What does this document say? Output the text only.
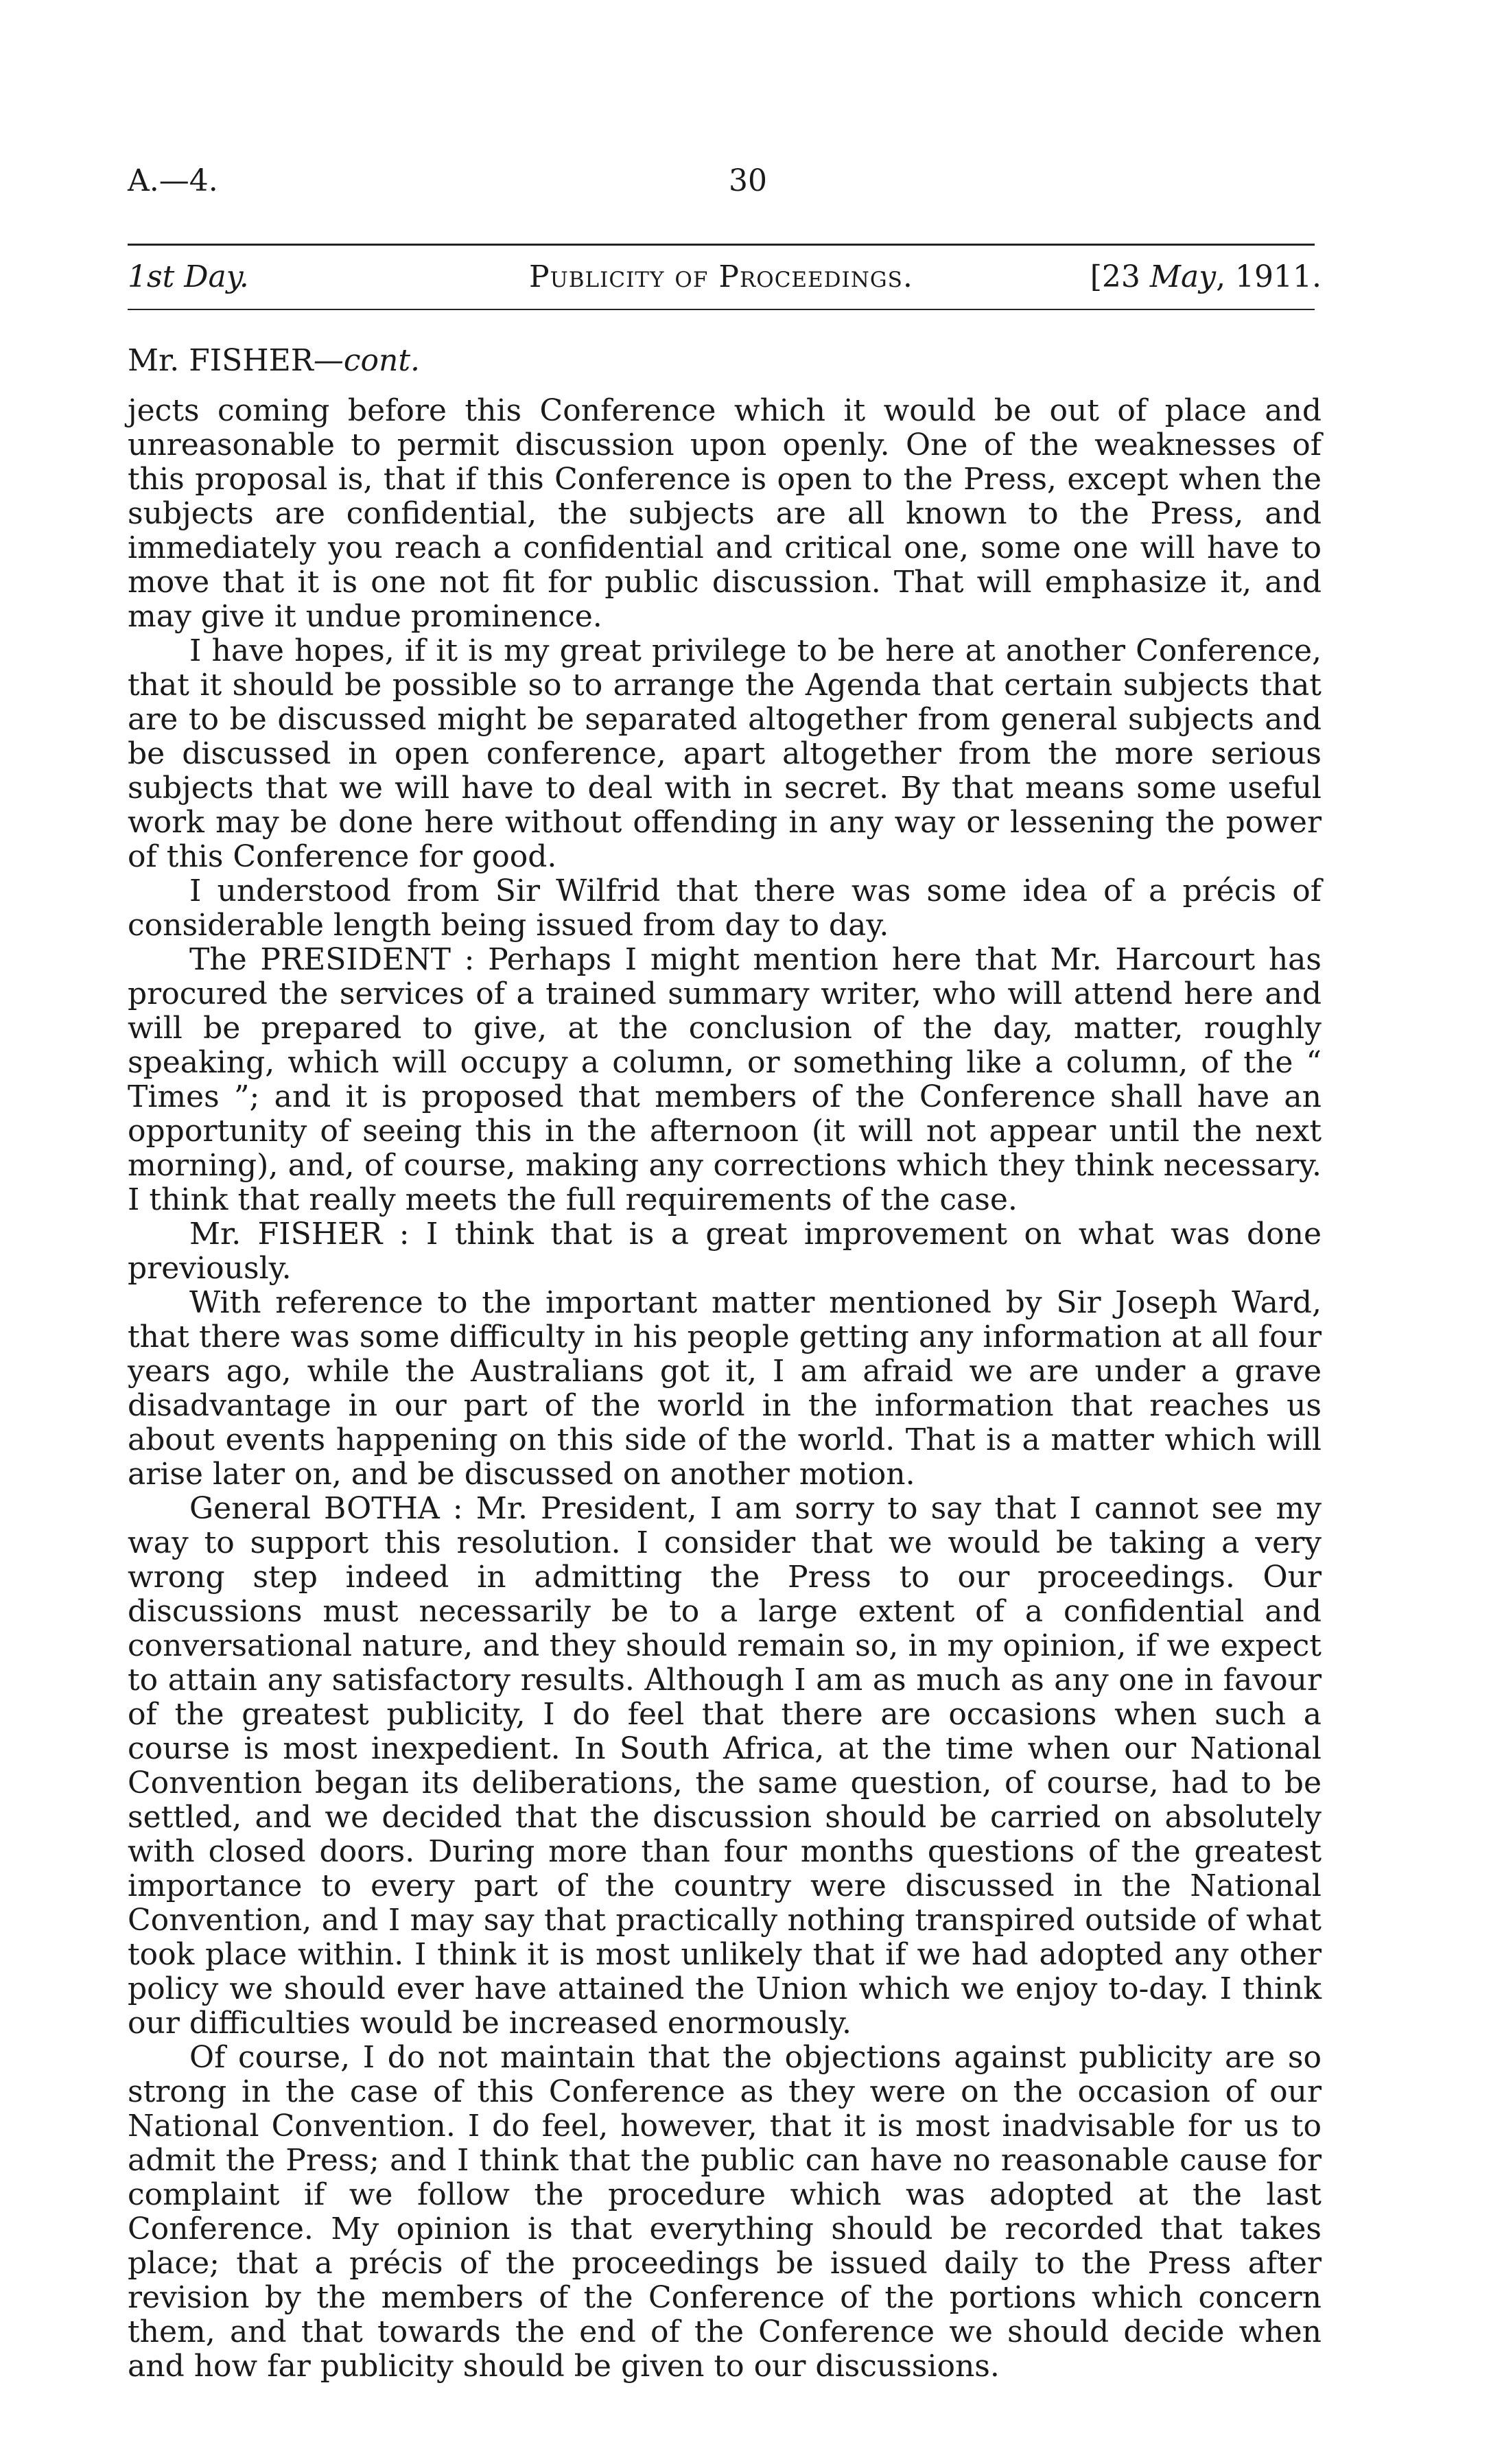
A.—4.	30
1st Day.	Publicity of Proceedings.	[23 May, 1911.
Mr. FISHER—cont.

jects coming before this Conference which it would be out of place and unreasonable to permit discussion upon openly. One of the weaknesses of this proposal is, that if this Conference is open to the Press, except when the subjects are confidential, the subjects are all known to the Press, and immediately you reach a confidential and critical one, some one will have to move that it is one not fit for public discussion. That will emphasize it, and may give it undue prominence.

I have hopes, if it is my great privilege to be here at another Conference, that it should be possible so to arrange the Agenda that certain subjects that are to be discussed might be separated altogether from general subjects and be discussed in open conference, apart altogether from the more serious subjects that we will have to deal with in secret. By that means some useful work may be done here without offending in any way or lessening the power of this Conference for good.

I understood from Sir Wilfrid that there was some idea of a précis of considerable length being issued from day to day.

The PRESIDENT : Perhaps I might mention here that Mr. Harcourt has procured the services of a trained summary writer, who will attend here and will be prepared to give, at the conclusion of the day, matter, roughly speaking, which will occupy a column, or something like a column, of the “ Times ”; and it is proposed that members of the Conference shall have an opportunity of seeing this in the afternoon (it will not appear until the next morning), and, of course, making any corrections which they think necessary. I think that really meets the full requirements of the case.

Mr. FISHER : I think that is a great improvement on what was done previously.

With reference to the important matter mentioned by Sir Joseph Ward, that there was some difficulty in his people getting any information at all four years ago, while the Australians got it, I am afraid we are under a grave disadvantage in our part of the world in the information that reaches us about events happening on this side of the world. That is a matter which will arise later on, and be discussed on another motion.

General BOTHA : Mr. President, I am sorry to say that I cannot see my way to support this resolution. I consider that we would be taking a very wrong step indeed in admitting the Press to our proceedings. Our discussions must necessarily be to a large extent of a confidential and conversational nature, and they should remain so, in my opinion, if we expect to attain any satisfactory results. Although I am as much as any one in favour of the greatest publicity, I do feel that there are occasions when such a course is most inexpedient. In South Africa, at the time when our National Convention began its deliberations, the same question, of course, had to be settled, and we decided that the discussion should be carried on absolutely with closed doors. During more than four months questions of the greatest importance to every part of the country were discussed in the National Convention, and I may say that practically nothing transpired outside of what took place within. I think it is most unlikely that if we had adopted any other policy we should ever have attained the Union which we enjoy to-day. I think our difficulties would be increased enormously.

Of course, I do not maintain that the objections against publicity are so strong in the case of this Conference as they were on the occasion of our National Convention. I do feel, however, that it is most inadvisable for us to admit the Press; and I think that the public can have no reasonable cause for complaint if we follow the procedure which was adopted at the last Conference. My opinion is that everything should be recorded that takes place; that a précis of the proceedings be issued daily to the Press after revision by the members of the Conference of the portions which concern them, and that towards the end of the Conference we should decide when and how far publicity should be given to our discussions.
